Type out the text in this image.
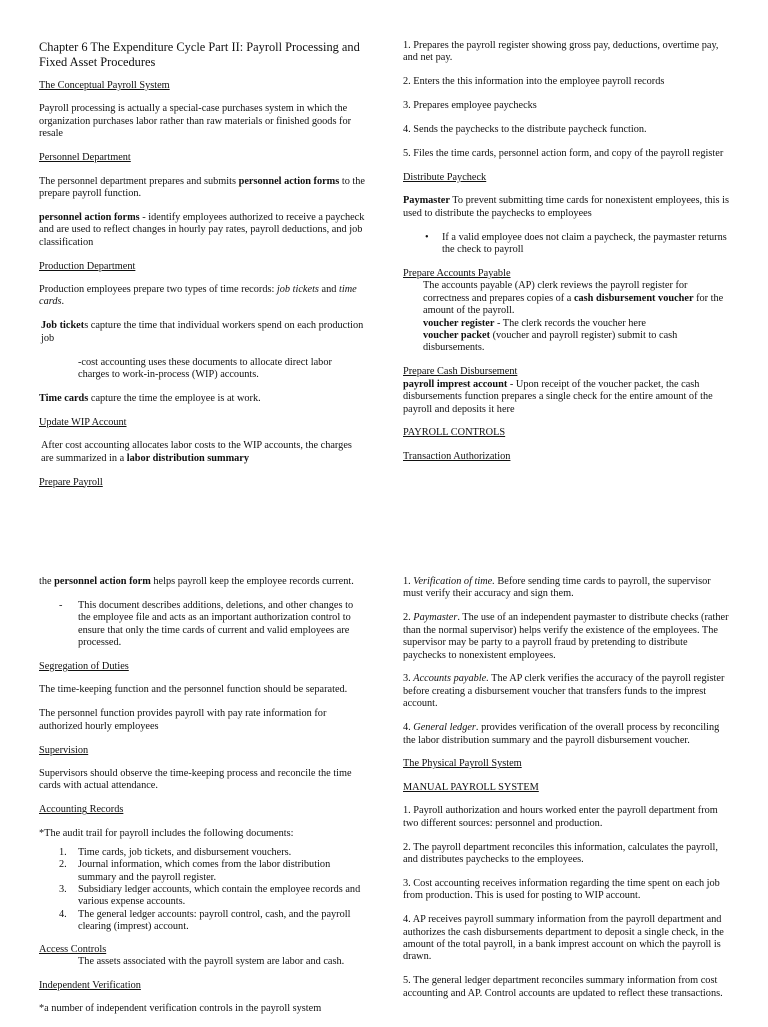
Chapter 6 The Expenditure Cycle Part II: Payroll Processing and Fixed Asset Procedures
The Conceptual Payroll System
Payroll processing is actually a special-case purchases system in which the organization purchases labor rather than raw materials or finished goods for resale
Personnel Department
The personnel department prepares and submits personnel action forms to the prepare payroll function.
personnel action forms - identify employees authorized to receive a paycheck and are used to reflect changes in hourly pay rates, payroll deductions, and job classification
Production Department
Production employees prepare two types of time records: job tickets and time cards.
Job tickets capture the time that individual workers spend on each production job
-cost accounting uses these documents to allocate direct labor charges to work-in-process (WIP) accounts.
Time cards capture the time the employee is at work.
Update WIP Account
After cost accounting allocates labor costs to the WIP accounts, the charges are summarized in a labor distribution summary
Prepare Payroll
1. Prepares the payroll register showing gross pay, deductions, overtime pay, and net pay.
2. Enters the this information into the employee payroll records
3. Prepares employee paychecks
4. Sends the paychecks to the distribute paycheck function.
5. Files the time cards, personnel action form, and copy of the payroll register
Distribute Paycheck
Paymaster To prevent submitting time cards for nonexistent employees, this is used to distribute the paychecks to employees
• If a valid employee does not claim a paycheck, the paymaster returns the check to payroll
Prepare Accounts Payable
The accounts payable (AP) clerk reviews the payroll register for correctness and prepares copies of a cash disbursement voucher for the amount of the payroll.
voucher register - The clerk records the voucher here
voucher packet (voucher and payroll register) submit to cash disbursements.
Prepare Cash Disbursement
payroll imprest account - Upon receipt of the voucher packet, the cash disbursements function prepares a single check for the entire amount of the payroll and deposits it here
PAYROLL CONTROLS
Transaction Authorization
the personnel action form helps payroll keep the employee records current.
- This document describes additions, deletions, and other changes to the employee file and acts as an important authorization control to ensure that only the time cards of current and valid employees are processed.
Segregation of Duties
The time-keeping function and the personnel function should be separated.
The personnel function provides payroll with pay rate information for authorized hourly employees
Supervision
Supervisors should observe the time-keeping process and reconcile the time cards with actual attendance.
Accounting Records
*The audit trail for payroll includes the following documents:
1. Time cards, job tickets, and disbursement vouchers.
2. Journal information, which comes from the labor distribution summary and the payroll register.
3. Subsidiary ledger accounts, which contain the employee records and various expense accounts.
4. The general ledger accounts: payroll control, cash, and the payroll clearing (imprest) account.
Access Controls
The assets associated with the payroll system are labor and cash.
Independent Verification
*a number of independent verification controls in the payroll system
1. Verification of time. Before sending time cards to payroll, the supervisor must verify their accuracy and sign them.
2. Paymaster. The use of an independent paymaster to distribute checks (rather than the normal supervisor) helps verify the existence of the employees. The supervisor may be party to a payroll fraud by pretending to distribute paychecks to nonexistent employees.
3. Accounts payable. The AP clerk verifies the accuracy of the payroll register before creating a disbursement voucher that transfers funds to the imprest account.
4. General ledger. provides verification of the overall process by reconciling the labor distribution summary and the payroll disbursement voucher.
The Physical Payroll System
MANUAL PAYROLL SYSTEM
1. Payroll authorization and hours worked enter the payroll department from two different sources: personnel and production.
2. The payroll department reconciles this information, calculates the payroll, and distributes paychecks to the employees.
3. Cost accounting receives information regarding the time spent on each job from production. This is used for posting to WIP account.
4. AP receives payroll summary information from the payroll department and authorizes the cash disbursements department to deposit a single check, in the amount of the total payroll, in a bank imprest account on which the payroll is drawn.
5. The general ledger department reconciles summary information from cost accounting and AP. Control accounts are updated to reflect these transactions.
